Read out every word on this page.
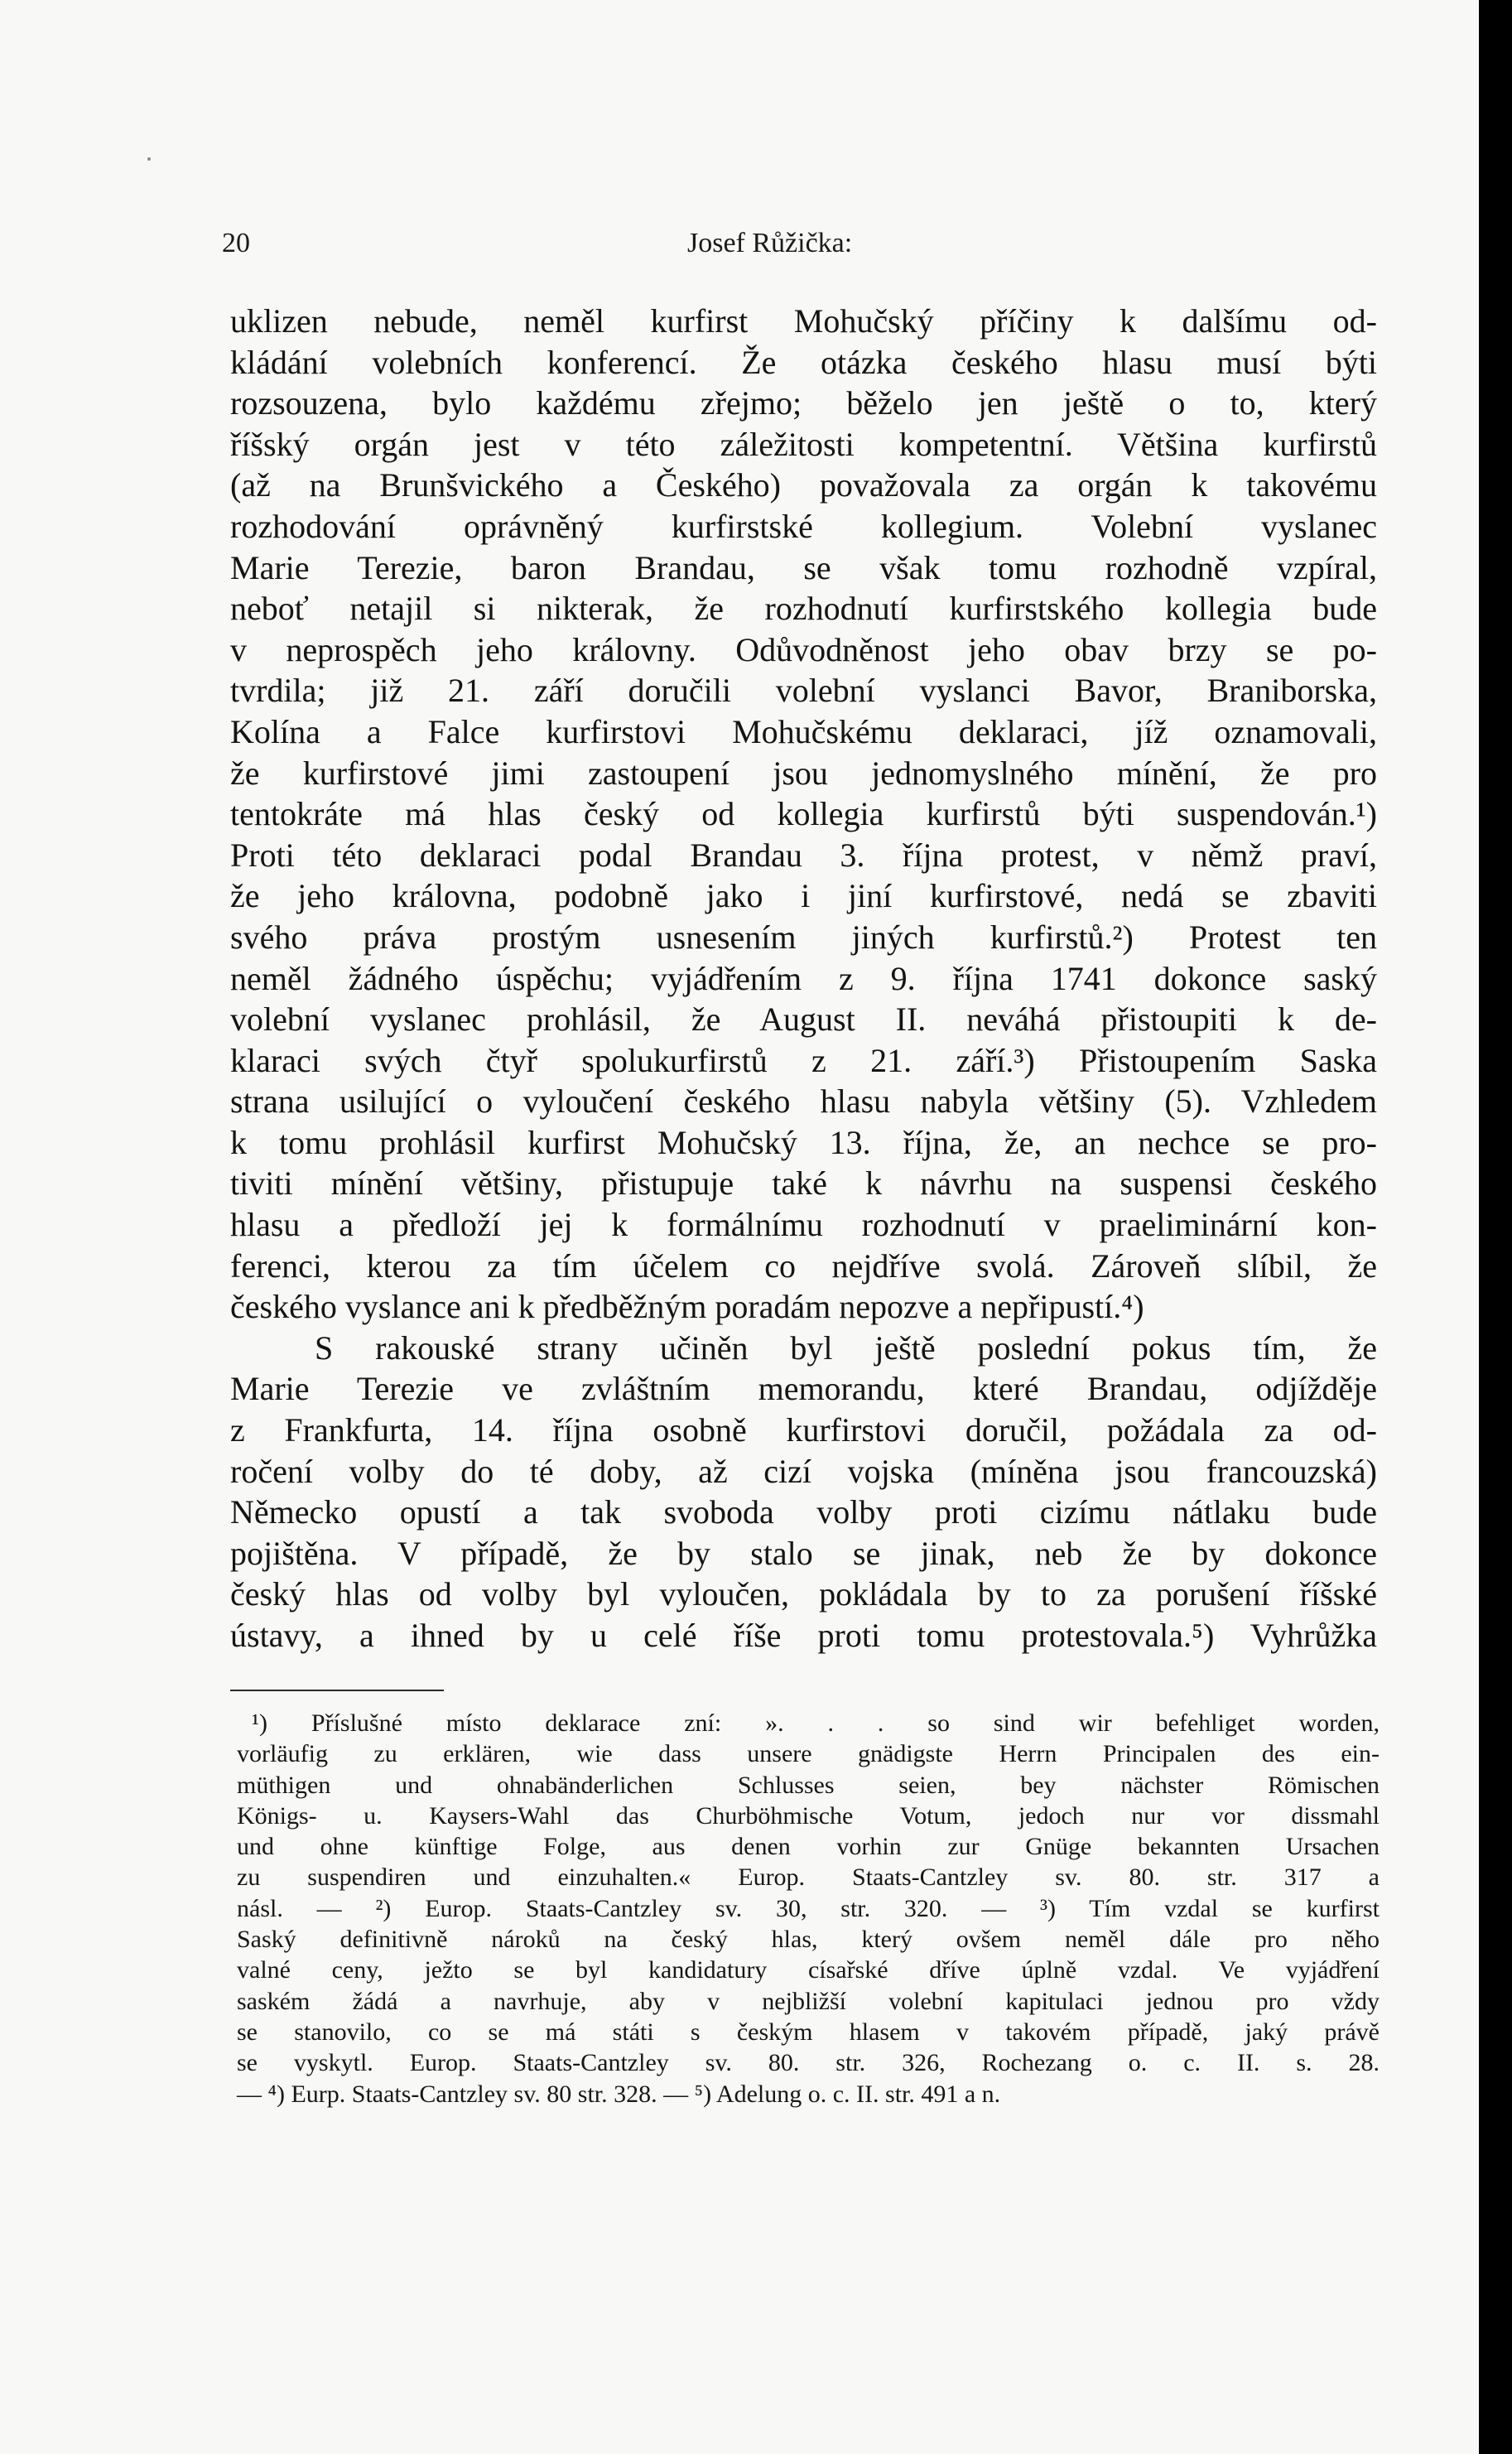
20	Josef Růžička:
uklizen nebude, neměl kurfirst Mohučský příčiny k dalšímu od-
kládání volebních konferencí. Že otázka českého hlasu musí býti
rozsouzena, bylo každému zřejmo; běželo jen ještě o to, který
říšský orgán jest v této záležitosti kompetentní. Většina kurfirstů
(až na Brunšvického a Českého) považovala za orgán k takovému
rozhodování oprávněný kurfirstské kollegium. Volební vyslanec
Marie Terezie, baron Brandau, se však tomu rozhodně vzpíral,
neboť netajil si nikterak, že rozhodnutí kurfirstského kollegia bude
v neprospěch jeho královny. Odůvodněnost jeho obav brzy se po-
tvrdila; již 21. září doručili volební vyslanci Bavor, Braniborska,
Kolína a Falce kurfirstovi Mohučskému deklaraci, jíž oznamovali,
že kurfirstové jimi zastoupení jsou jednomyslného mínění, že pro
tentokráte má hlas český od kollegia kurfirstů býti suspendován.¹)
Proti této deklaraci podal Brandau 3. října protest, v němž praví,
že jeho královna, podobně jako i jiní kurfirstové, nedá se zbaviti
svého práva prostým usnesením jiných kurfirstů.²) Protest ten
neměl žádného úspěchu; vyjádřením z 9. října 1741 dokonce saský
volební vyslanec prohlásil, že August II. neváhá přistoupiti k de-
klaraci svých čtyř spolukurfirstů z 21. září.³) Přistoupením Saska
strana usilující o vyloučení českého hlasu nabyla většiny (5). Vzhledem
k tomu prohlásil kurfirst Mohučský 13. října, že, an nechce se pro-
tiviti mínění většiny, přistupuje také k návrhu na suspensi českého
hlasu a předloží jej k formálnímu rozhodnutí v praeliminární kon-
ferenci, kterou za tím účelem co nejdříve svolá. Zároveň slíbil, že
českého vyslance ani k předběžným poradám nepozve a nepřipustí.⁴)
S rakouské strany učiněn byl ještě poslední pokus tím, že
Marie Terezie ve zvláštním memorandu, které Brandau, odjížděje
z Frankfurta, 14. října osobně kurfirstovi doručil, požádala za od-
ročení volby do té doby, až cizí vojska (míněna jsou francouzská)
Německo opustí a tak svoboda volby proti cizímu nátlaku bude
pojištěna. V případě, že by stalo se jinak, neb že by dokonce
český hlas od volby byl vyloučen, pokládala by to za porušení říšské
ústavy, a ihned by u celé říše proti tomu protestovala.⁵) Vyhrůžka
¹) Příslušné místo deklarace zní: ». . . so sind wir befehliget worden,
vorläufig zu erklären, wie dass unsere gnädigste Herrn Principalen des ein-
müthigen und ohnabänderlichen Schlusses seien, bey nächster Römischen
Königs- u. Kaysers-Wahl das Churböhmische Votum, jedoch nur vor dissmahl
und ohne künftige Folge, aus denen vorhin zur Gnüge bekannten Ursachen
zu suspendiren und einzuhalten.« Europ. Staats-Cantzley sv. 80. str. 317 a
násl. — ²) Europ. Staats-Cantzley sv. 30, str. 320. — ³) Tím vzdal se kurfirst
Saský definitivně nároků na český hlas, který ovšem neměl dále pro něho
valné ceny, ježto se byl kandidatury císařské dříve úplně vzdal. Ve vyjádření
saském žádá a navrhuje, aby v nejbližší volební kapitulaci jednou pro vždy
se stanovilo, co se má státi s českým hlasem v takovém případě, jaký právě
se vyskytl. Europ. Staats-Cantzley sv. 80. str. 326, Rochezang o. c. II. s. 28.
— ⁴) Eurp. Staats-Cantzley sv. 80 str. 328. — ⁵) Adelung o. c. II. str. 491 a n.
